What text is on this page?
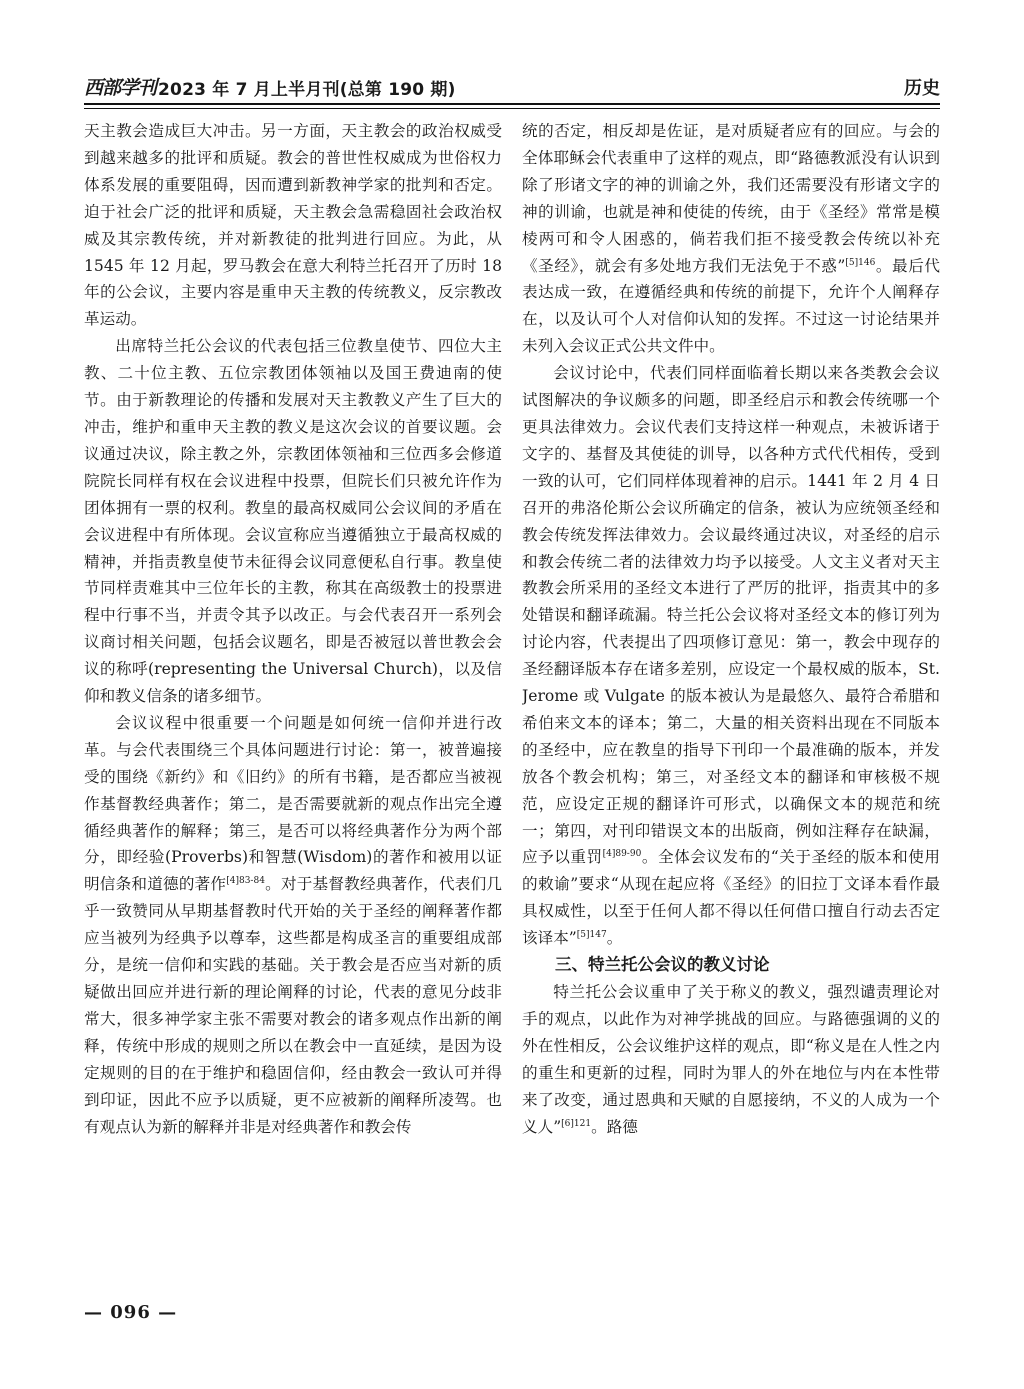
西部学刊 2023 年 7 月上半月刊(总第 190 期)	历史

天主教会造成巨大冲击。另一方面，天主教会的政治权威受到越来越多的批评和质疑。教会的普世性权威成为世俗权力体系发展的重要阻碍，因而遭到新教神学家的批判和否定。迫于社会广泛的批评和质疑，天主教会急需稳固社会政治权威及其宗教传统，并对新教徒的批判进行回应。为此，从 1545 年 12 月起，罗马教会在意大利特兰托召开了历时 18 年的公会议，主要内容是重申天主教的传统教义，反宗教改革运动。

出席特兰托公会议的代表包括三位教皇使节、四位大主教、二十位主教、五位宗教团体领袖以及国王费迪南的使节。由于新教理论的传播和发展对天主教教义产生了巨大的冲击，维护和重申天主教的教义是这次会议的首要议题。会议通过决议，除主教之外，宗教团体领袖和三位西多会修道院院长同样有权在会议进程中投票，但院长们只被允许作为团体拥有一票的权利。教皇的最高权威同公会议间的矛盾在会议进程中有所体现。会议宣称应当遵循独立于最高权威的精神，并指责教皇使节未征得会议同意便私自行事。教皇使节同样责难其中三位年长的主教，称其在高级教士的投票进程中行事不当，并责令其予以改正。与会代表召开一系列会议商讨相关问题，包括会议题名，即是否被冠以普世教会会议的称呼(representing the Universal Church)，以及信仰和教义信条的诸多细节。

会议议程中很重要一个问题是如何统一信仰并进行改革。与会代表围绕三个具体问题进行讨论：第一，被普遍接受的围绕《新约》和《旧约》的所有书籍，是否都应当被视作基督教经典著作；第二，是否需要就新的观点作出完全遵循经典著作的解释；第三，是否可以将经典著作分为两个部分，即经验(Proverbs)和智慧(Wisdom)的著作和被用以证明信条和道德的著作$^{[4]83-84}$。对于基督教经典著作，代表们几乎一致赞同从早期基督教时代开始的关于圣经的阐释著作都应当被列为经典予以尊奉，这些都是构成圣言的重要组成部分，是统一信仰和实践的基础。关于教会是否应当对新的质疑做出回应并进行新的理论阐释的讨论，代表的意见分歧非常大，很多神学家主张不需要对教会的诸多观点作出新的阐释，传统中形成的规则之所以在教会中一直延续，是因为设定规则的目的在于维护和稳固信仰，经由教会一致认可并得到印证，因此不应予以质疑，更不应被新的阐释所凌驾。也有观点认为新的解释并非是对经典著作和教会传

统的否定，相反却是佐证，是对质疑者应有的回应。与会的全体耶稣会代表重申了这样的观点，即“路德教派没有认识到除了形诸文字的神的训谕之外，我们还需要没有形诸文字的神的训谕，也就是神和使徒的传统，由于《圣经》常常是模棱两可和令人困惑的，倘若我们拒不接受教会传统以补充《圣经》，就会有多处地方我们无法免于不惑”$^{[5]146}$。最后代表达成一致，在遵循经典和传统的前提下，允许个人阐释存在，以及认可个人对信仰认知的发挥。不过这一讨论结果并未列入会议正式公共文件中。

会议讨论中，代表们同样面临着长期以来各类教会会议试图解决的争议颇多的问题，即圣经启示和教会传统哪一个更具法律效力。会议代表们支持这样一种观点，未被诉诸于文字的、基督及其使徒的训导，以各种方式代代相传，受到一致的认可，它们同样体现着神的启示。1441 年 2 月 4 日召开的弗洛伦斯公会议所确定的信条，被认为应统领圣经和教会传统发挥法律效力。会议最终通过决议，对圣经的启示和教会传统二者的法律效力均予以接受。人文主义者对天主教教会所采用的圣经文本进行了严厉的批评，指责其中的多处错误和翻译疏漏。特兰托公会议将对圣经文本的修订列为讨论内容，代表提出了四项修订意见：第一，教会中现存的圣经翻译版本存在诸多差别，应设定一个最权威的版本，St. Jerome 或 Vulgate 的版本被认为是最悠久、最符合希腊和希伯来文本的译本；第二，大量的相关资料出现在不同版本的圣经中，应在教皇的指导下刊印一个最准确的版本，并发放各个教会机构；第三，对圣经文本的翻译和审核极不规范，应设定正规的翻译许可形式，以确保文本的规范和统一；第四，对刊印错误文本的出版商，例如注释存在缺漏，应予以重罚$^{[4]89-90}$。全体会议发布的“关于圣经的版本和使用的敕谕”要求“从现在起应将《圣经》的旧拉丁文译本看作最具权威性，以至于任何人都不得以任何借口擅自行动去否定该译本”$^{[5]147}$。

三、特兰托公会议的教义讨论

特兰托公会议重申了关于称义的教义，强烈谴责理论对手的观点，以此作为对神学挑战的回应。与路德强调的义的外在性相反，公会议维护这样的观点，即“称义是在人性之内的重生和更新的过程，同时为罪人的外在地位与内在本性带来了改变，通过恩典和天赋的自愿接纳，不义的人成为一个义人”$^{[6]121}$。路德

— 096 —
